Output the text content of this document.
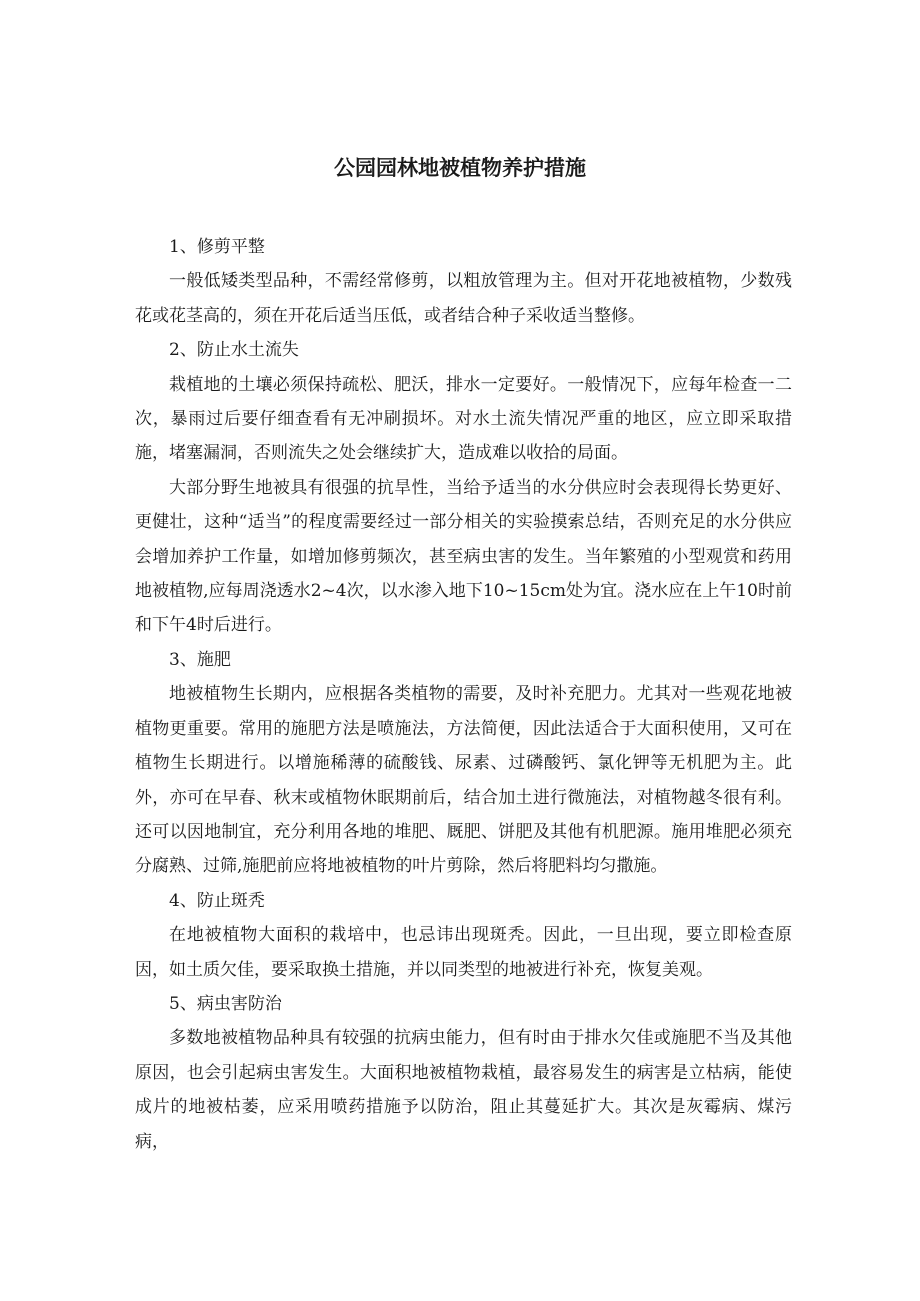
公园园林地被植物养护措施

1、修剪平整

一般低矮类型品种，不需经常修剪，以粗放管理为主。但对开花地被植物，少数残花或花茎高的，须在开花后适当压低，或者结合种子采收适当整修。

2、防止水土流失

栽植地的土壤必须保持疏松、肥沃，排水一定要好。一般情况下，应每年检查一二次，暴雨过后要仔细查看有无冲刷损坏。对水土流失情况严重的地区，应立即采取措施，堵塞漏洞，否则流失之处会继续扩大，造成难以收拾的局面。

大部分野生地被具有很强的抗旱性，当给予适当的水分供应时会表现得长势更好、更健壮，这种“适当”的程度需要经过一部分相关的实验摸索总结，否则充足的水分供应会增加养护工作量，如增加修剪频次，甚至病虫害的发生。当年繁殖的小型观赏和药用地被植物,应每周浇透水2~4次，以水渗入地下10~15cm处为宜。浇水应在上午10时前和下午4时后进行。

3、施肥

地被植物生长期内，应根据各类植物的需要，及时补充肥力。尤其对一些观花地被植物更重要。常用的施肥方法是喷施法，方法简便，因此法适合于大面积使用，又可在植物生长期进行。以增施稀薄的硫酸钱、尿素、过磷酸钙、氯化钾等无机肥为主。此外，亦可在早春、秋末或植物休眠期前后，结合加土进行微施法，对植物越冬很有利。还可以因地制宜，充分利用各地的堆肥、厩肥、饼肥及其他有机肥源。施用堆肥必须充分腐熟、过筛,施肥前应将地被植物的叶片剪除，然后将肥料均匀撒施。

4、防止斑秃

在地被植物大面积的栽培中，也忌讳出现斑秃。因此，一旦出现，要立即检查原因，如土质欠佳，要采取换土措施，并以同类型的地被进行补充，恢复美观。

5、病虫害防治

多数地被植物品种具有较强的抗病虫能力，但有时由于排水欠佳或施肥不当及其他原因，也会引起病虫害发生。大面积地被植物栽植，最容易发生的病害是立枯病，能使成片的地被枯萎，应采用喷药措施予以防治，阻止其蔓延扩大。其次是灰霉病、煤污病，
